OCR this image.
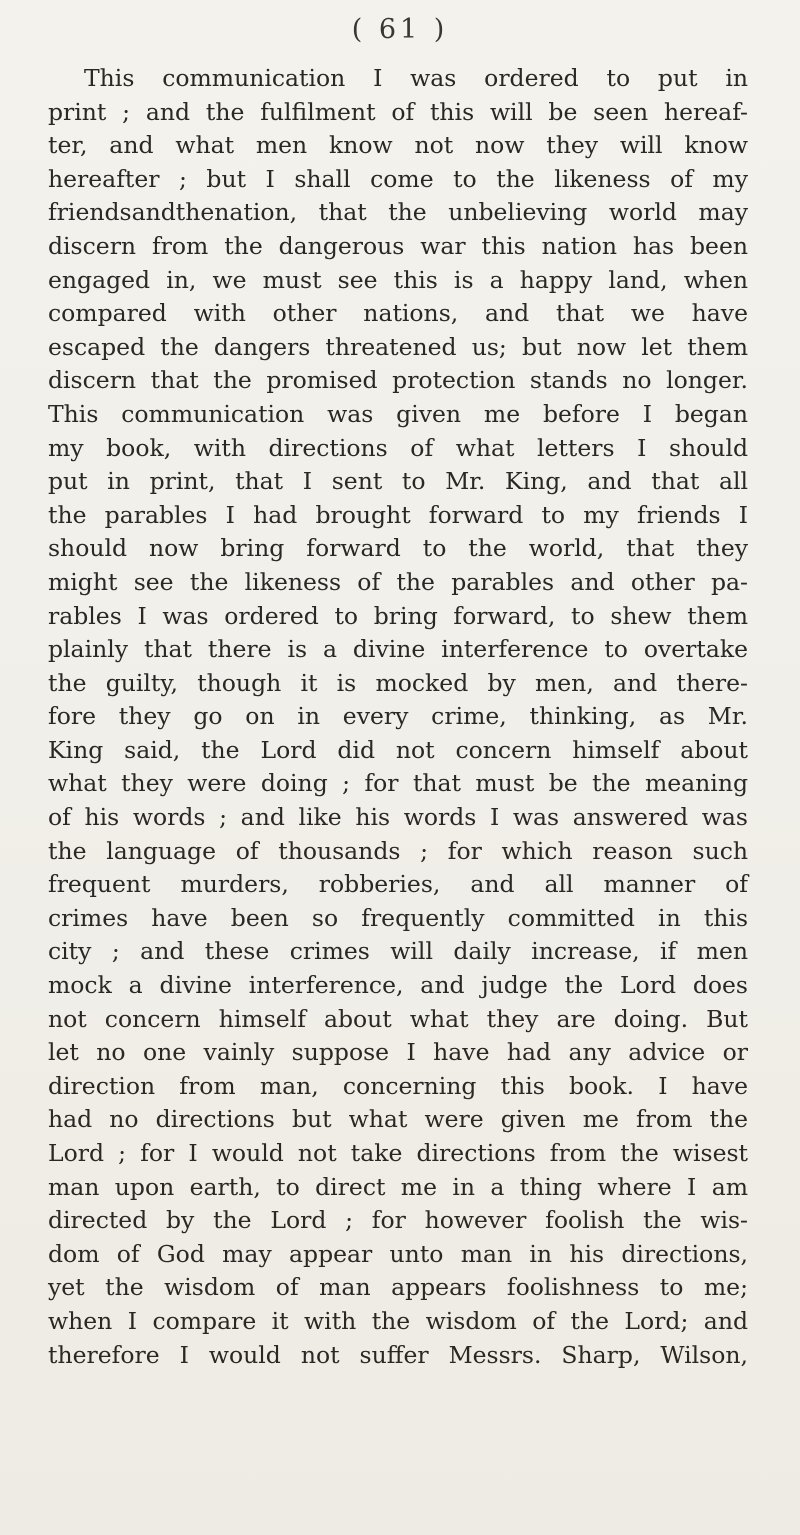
( 61 )
This communication I was ordered to put in
print ; and the fulfilment of this will be seen hereaf-
ter, and what men know not now they will know
hereafter ; but I shall come to the likeness of my
friendsandthenation, that the unbelieving world may
discern from the dangerous war this nation has been
engaged in, we must see this is a happy land, when
compared with other nations, and that we have
escaped the dangers threatened us; but now let them
discern that the promised protection stands no longer.
This communication was given me before I began
my book, with directions of what letters I should
put in print, that I sent to Mr. King, and that all
the parables I had brought forward to my friends I
should now bring forward to the world, that they
might see the likeness of the parables and other pa-
rables I was ordered to bring forward, to shew them
plainly that there is a divine interference to overtake
the guilty, though it is mocked by men, and there-
fore they go on in every crime, thinking, as Mr.
King said, the Lord did not concern himself about
what they were doing ; for that must be the meaning
of his words ; and like his words I was answered was
the language of thousands ; for which reason such
frequent murders, robberies, and all manner of
crimes have been so frequently committed in this
city ; and these crimes will daily increase, if men
mock a divine interference, and judge the Lord does
not concern himself about what they are doing. But
let no one vainly suppose I have had any advice or
direction from man, concerning this book. I have
had no directions but what were given me from the
Lord ; for I would not take directions from the wisest
man upon earth, to direct me in a thing where I am
directed by the Lord ; for however foolish the wis-
dom of God may appear unto man in his directions,
yet the wisdom of man appears foolishness to me;
when I compare it with the wisdom of the Lord; and
therefore I would not suffer Messrs. Sharp, Wilson,
